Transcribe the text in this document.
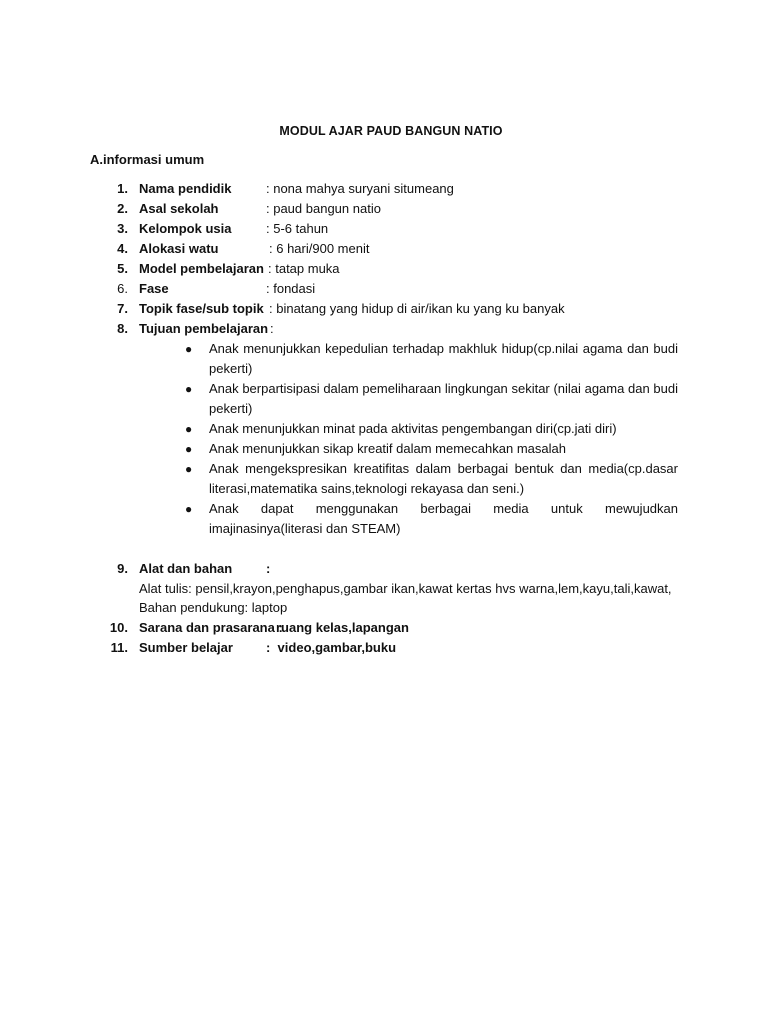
MODUL AJAR PAUD BANGUN NATIO
A.informasi umum
1. Nama pendidik	: nona mahya suryani situmeang
2. Asal sekolah	: paud bangun natio
3. Kelompok usia	: 5-6 tahun
4. Alokasi watu	: 6 hari/900 menit
5. Model pembelajaran : tatap muka
6. Fase	: fondasi
7. Topik fase/sub topik : binatang yang hidup di air/ikan ku yang ku banyak
8. Tujuan pembelajaran :

● Anak menunjukkan kepedulian terhadap makhluk hidup(cp.nilai agama dan budi pekerti)

● Anak berpartisipasi dalam pemeliharaan lingkungan sekitar (nilai agama dan budi pekerti)

● Anak menunjukkan minat pada aktivitas pengembangan diri(cp.jati diri)

● Anak menunjukkan sikap kreatif dalam memecahkan masalah

● Anak mengekspresikan kreatifitas dalam berbagai bentuk dan media(cp.dasar literasi,matematika sains,teknologi rekayasa dan seni.)

● Anak dapat menggunakan berbagai media untuk mewujudkan imajinasinya(literasi dan STEAM)

9. Alat dan bahan	:
Alat tulis: pensil,krayon,penghapus,gambar ikan,kawat kertas hvs warna,lem,kayu,tali,kawat,
Bahan pendukung: laptop
10. Sarana dan prasarana :
ruang kelas,lapangan
11. Sumber belajar	:  video,gambar,buku
